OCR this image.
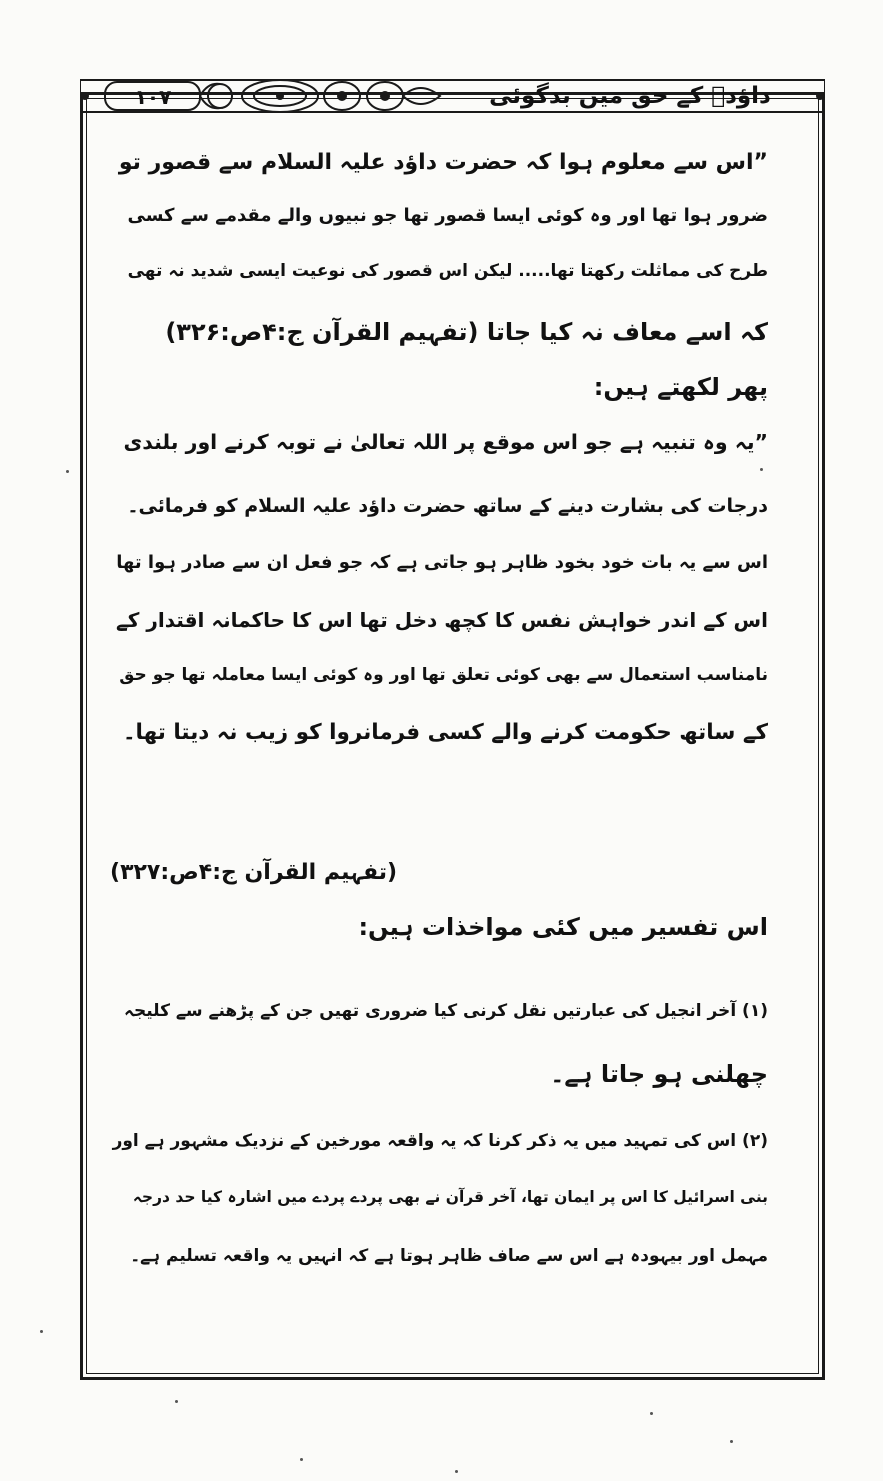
۱۰۷	داؤدؑ کے حق میں بدگوئی
”اس سے معلوم ہوا کہ حضرت داؤد علیہ السلام سے قصور تو
ضرور ہوا تھا اور وہ کوئی ایسا قصور تھا جو نبیوں والے مقدمے سے کسی
طرح کی مماثلت رکھتا تھا..... لیکن اس قصور کی نوعیت ایسی شدید نہ تھی
کہ اسے معاف نہ کیا جاتا (تفہیم القرآن ج:۴ص:۳۲۶)
پھر لکھتے ہیں:
”یہ وہ تنبیہ ہے جو اس موقع پر اللہ تعالیٰ نے توبہ کرنے اور بلندی
درجات کی بشارت دینے کے ساتھ حضرت داؤد علیہ السلام کو فرمائی۔
اس سے یہ بات خود بخود ظاہر ہو جاتی ہے کہ جو فعل ان سے صادر ہوا تھا
اس کے اندر خواہش نفس کا کچھ دخل تھا اس کا حاکمانہ اقتدار کے
نامناسب استعمال سے بھی کوئی تعلق تھا اور وہ کوئی ایسا معاملہ تھا جو حق
کے ساتھ حکومت کرنے والے کسی فرمانروا کو زیب نہ دیتا تھا۔
(تفہیم القرآن ج:۴ص:۳۲۷)
اس تفسیر میں کئی مواخذات ہیں:
(۱) آخر انجیل کی عبارتیں نقل کرنی کیا ضروری تھیں جن کے پڑھنے سے کلیجہ
چھلنی ہو جاتا ہے۔
(۲) اس کی تمہید میں یہ ذکر کرنا کہ یہ واقعہ مورخین کے نزدیک مشہور ہے اور
بنی اسرائیل کا اس پر ایمان تھا، آخر قرآن نے بھی پردے پردے میں اشارہ کیا حد درجہ
مہمل اور بیہودہ ہے اس سے صاف ظاہر ہوتا ہے کہ انہیں یہ واقعہ تسلیم ہے۔
